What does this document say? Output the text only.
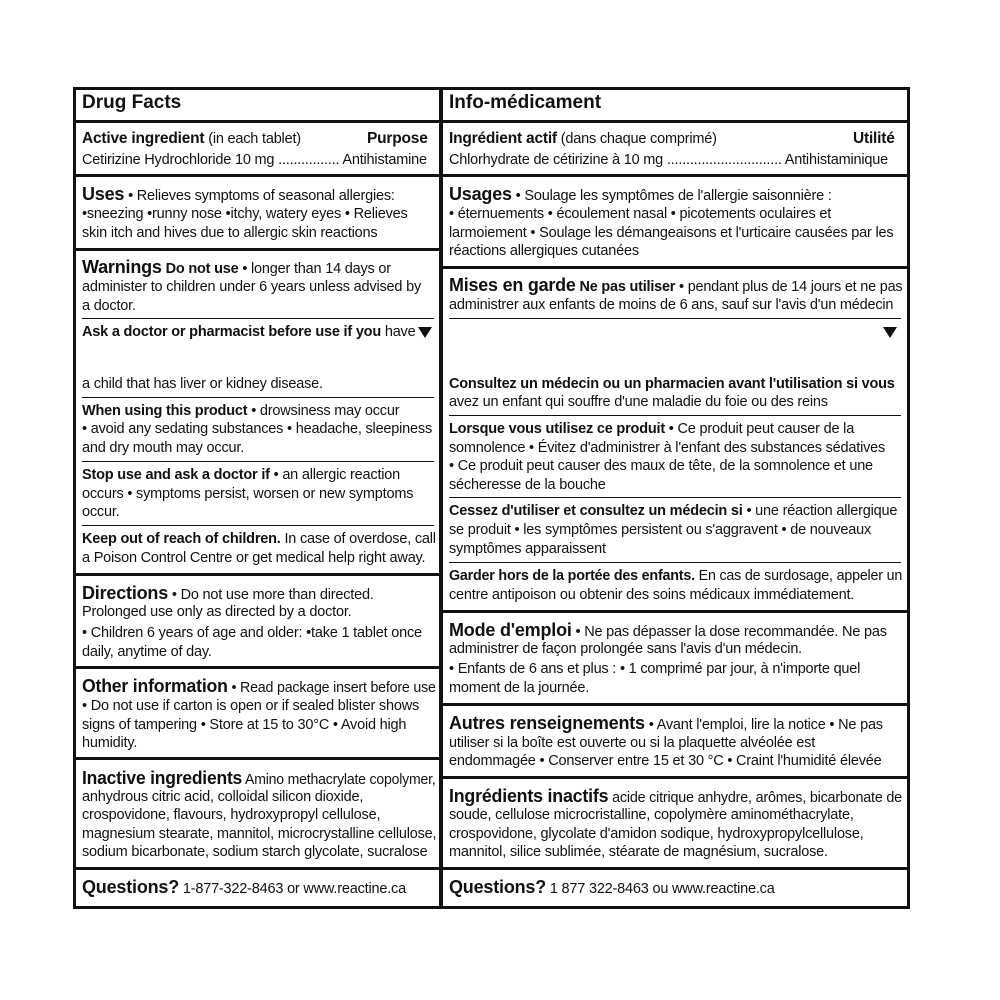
Drug Facts
Active ingredient (in each tablet)	Purpose
Cetirizine Hydrochloride 10 mg ................ Antihistamine
Uses • Relieves symptoms of seasonal allergies:
•sneezing •runny nose •itchy, watery eyes • Relieves
skin itch and hives due to allergic skin reactions
Warnings Do not use • longer than 14 days or
administer to children under 6 years unless advised by
a doctor.
Ask a doctor or pharmacist before use if you have
a child that has liver or kidney disease.
When using this product • drowsiness may occur
• avoid any sedating substances • headache, sleepiness
and dry mouth may occur.
Stop use and ask a doctor if • an allergic reaction
occurs • symptoms persist, worsen or new symptoms
occur.
Keep out of reach of children. In case of overdose, call
a Poison Control Centre or get medical help right away.
Directions • Do not use more than directed.
Prolonged use only as directed by a doctor.
• Children 6 years of age and older: •take 1 tablet once
daily, anytime of day.
Other information • Read package insert before use
• Do not use if carton is open or if sealed blister shows
signs of tampering • Store at 15 to 30°C • Avoid high
humidity.
Inactive ingredients Amino methacrylate copolymer,
anhydrous citric acid, colloidal silicon dioxide,
crospovidone, flavours, hydroxypropyl cellulose,
magnesium stearate, mannitol, microcrystalline cellulose,
sodium bicarbonate, sodium starch glycolate, sucralose
Questions? 1-877-322-8463 or www.reactine.ca
Info-médicament
Ingrédient actif (dans chaque comprimé)	Utilité
Chlorhydrate de cétirizine à 10 mg .............................. Antihistaminique
Usages • Soulage les symptômes de l'allergie saisonnière :
• éternuements • écoulement nasal • picotements oculaires et
larmoiement • Soulage les démangeaisons et l'urticaire causées par les
réactions allergiques cutanées
Mises en garde Ne pas utiliser • pendant plus de 14 jours et ne pas
administrer aux enfants de moins de 6 ans, sauf sur l'avis d'un médecin
Consultez un médecin ou un pharmacien avant l'utilisation si vous
avez un enfant qui souffre d'une maladie du foie ou des reins
Lorsque vous utilisez ce produit • Ce produit peut causer de la
somnolence • Évitez d'administrer à l'enfant des substances sédatives
• Ce produit peut causer des maux de tête, de la somnolence et une
sécheresse de la bouche
Cessez d'utiliser et consultez un médecin si • une réaction allergique
se produit • les symptômes persistent ou s'aggravent • de nouveaux
symptômes apparaissent
Garder hors de la portée des enfants. En cas de surdosage, appeler un
centre antipoison ou obtenir des soins médicaux immédiatement.
Mode d'emploi • Ne pas dépasser la dose recommandée. Ne pas
administrer de façon prolongée sans l'avis d'un médecin.
• Enfants de 6 ans et plus : • 1 comprimé par jour, à n'importe quel
moment de la journée.
Autres renseignements • Avant l'emploi, lire la notice • Ne pas
utiliser si la boîte est ouverte ou si la plaquette alvéolée est
endommagée • Conserver entre 15 et 30 °C • Craint l'humidité élevée
Ingrédients inactifs acide citrique anhydre, arômes, bicarbonate de
soude, cellulose microcristalline, copolymère aminométhacrylate,
crospovidone, glycolate d'amidon sodique, hydroxypropylcellulose,
mannitol, silice sublimée, stéarate de magnésium, sucralose.
Questions? 1 877 322-8463 ou www.reactine.ca
